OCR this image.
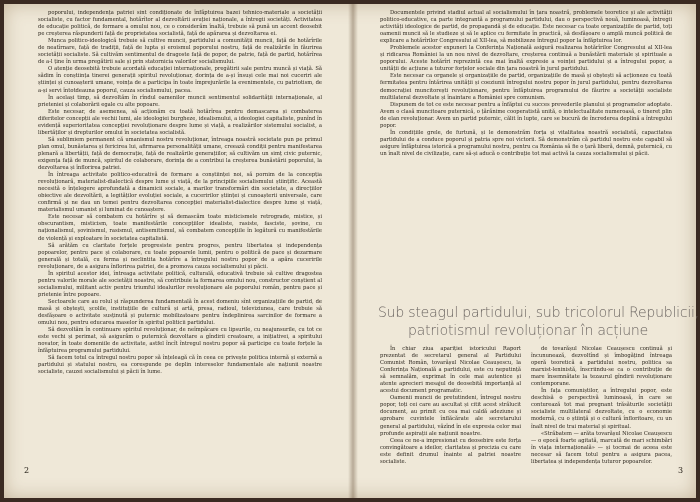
poporului, independența patriei sint condiționate de înfăptuirea bazei tehnico-materiale a societății socialiste, cu factor fundamental, hotărîtor al dezvoltării avuției naționale, a întregii societăți. Activitatea de educație politică, de formare a omului nou, ce o considerăm înaltă, trebuie să pună un accent deosebit pe creșterea răspunderii față de proprietatea socialistă, față de apărarea și dezvoltarea ei.

Munca politico-ideologică trebuie să cultive muncii, partidului a comunității muncii, față de hotărîrile de neatîrnare, față de tradiții, față de lupta și eroismul poporului nostru, față de realizările în făurirea societății socialiste. Să cultivăm sentimentul de dragoste față de popor, de patrie, față de partid, hotărîrea de a-l ține în urma pregătirii sale și prin statornicia valorilor socialismului.

O atenție deosebită trebuie acordată educației internaționale, pregătirii sale pentru muncă și viață. Să sădim în conștiința tinerei generații spiritul revoluționar, dorința de a-și însuși cele mai noi cuceriri ale științei și cunoașterii umane, voința de a participa în toate împrejurările la evenimentele, cu patriotism, de a-și servi întotdeauna poporul, cauza socialismului, pacea.

În același timp, să dezvoltăm în rîndul oamenilor muncii sentimentul solidarității internaționale, al prieteniei și colaborării egale cu alte popoare.

Este necesar, de asemenea, să acționăm cu toată hotărîrea pentru demascarea și combaterea diferitelor concepții ale vechii lumi, ale ideologiei burgheze, idealismului, a ideologiei capitaliste, punînd în evidență superioritatea concepției revoluționare despre lume și viață, a realizărilor sistemului socialist, a libertăților și drepturilor omului în societatea socialistă.

Să sublimiem permanent că umanismul nostru revoluționar, întreaga noastră societate pun pe primul plan omul, bunăstarea și fericirea lui, afirmarea personalității umane, creează condiții pentru manifestarea plenară a libertății, față de democrație, față de realizările generațiilor, să cultivăm un simț civic puternic, exigența față de muncă, spiritul de colaborare, dorința de a contribui la creșterea bunăstării poporului, la dezvoltarea și înflorirea patriei.

În întreaga activitate politico-educativă de formare a conștiinței noi, să pornim de la concepția revoluționară, materialist-dialectică despre lume și viață, de la principiile socialismului științific. Această necesită o înțelegere aprofundată a dinamicii sociale, a marilor transformări din societate, a direcțiilor obiective ale dezvoltării, a legităților evoluției sociale, a cuceririlor științei și cunoașterii universale, care confirmă și ne dau un temei pentru dezvoltarea concepției materialist-dialectice despre lume și viață, materialismul umanist și luminat de cunoaștere.

Este necesar să combatem cu hotărîre și să demascăm toate misticismele retrograde, mistice, și obscurantism, misticism, toate manifestările concepțiilor idealiste, rasiste, fasciste, șovine, cu naționalismul, șovinismul, rasismul, antisemitismul, să combatem concepțiile în legătură cu manifestările de violență și exploatare în societatea capitalistă.

Să arătăm cu claritate forțele progresiste pentru progres, pentru libertatea și independența popoarelor, pentru pace și colaborare, cu toate popoarele lumii, pentru o politică de pace și dezarmare generală și totală, cu ferma și neclintita hotărîre a întregului nostru popor de a apăra cuceririle revoluționare, de a asigura înflorirea patriei, de a promova cauza socialismului și păcii.

În spiritul acestor idei, întreaga activitate politică, culturală, educativă trebuie să cultive dragostea pentru valorile morale ale societății noastre, să contribuie la formarea omului nou, constructor conștient al socialismului, militant activ pentru triumful idealurilor revoluționare ale poporului român, pentru pace și prietenie între popoare.

Sectoarele care au rolul și răspunderea fundamentală în acest domeniu sînt organizațiile de partid, de masă și obștești, școlile, instituțiile de cultură și artă, presa, radioul, televiziunea, care trebuie să desfășoare o activitate susținută și puternic mobilizatoare pentru îndeplinirea sarcinilor de formare a omului nou, pentru educarea maselor în spiritul politicii partidului.

Să dezvoltăm în continuare spiritul revoluționar, de neîmpăcare cu lipsurile, cu neajunsurile, cu tot ce este vechi și perimat, să asigurăm o puternică dezvoltare a gîndirii creatoare, a inițiativei, a spiritului novator, în toate domeniile de activitate, astfel încît întregul nostru popor să participe cu toate forțele la înfăptuirea programului partidului.

Să facem totul ca întregul nostru popor să înțeleagă că în ceea ce privește politica internă și externă a partidului și statului nostru, ea corespunde pe deplin intereselor fundamentale ale națiunii noastre socialiste, cauzei socialismului și păcii în lume.

2

Documentele privind stadiul actual al socialismului în țara noastră, problemele teoretice și ale activității politico-educative, ca parte integrantă a programului partidului, dau o perspectivă nouă, luminoasă, întregii activități ideologice de partid, de propagandă și de educație. Este necesar ca toate organizațiile de partid, toți oamenii muncii să le studieze și să le aplice cu fermitate în practică, să desfășoare o amplă muncă politică de explicare a hotărîrilor Congresului al XII-lea, să mobilizeze întregul popor la înfăptuirea lor.

Problemele acestor expuneri la Conferința Națională asigură realizarea hotărîrilor Congresului al XII-lea și ridicarea României la un nou nivel de dezvoltare, creșterea continuă a bunăstării materiale și spirituale a poporului. Aceste hotărîri reprezintă cea mai înaltă expresie a voinței partidului și a întregului popor, a unității de acțiune a tuturor forțelor sociale din țara noastră în jurul partidului.

Este necesar ca organele și organizațiile de partid, organizațiile de masă și obștești să acționeze cu toată fermitatea pentru întărirea unității și coeziunii întregului nostru popor în jurul partidului, pentru dezvoltarea democrației muncitorești revoluționare, pentru înfăptuirea programului de făurire a societății socialiste multilateral dezvoltate și înaintare a României spre comunism.

Dispunem de tot ce este necesar pentru a înfăptui cu succes prevederile planului și programelor adoptate. Avem o clasă muncitoare puternică, o țărănime cooperatistă unită, o intelectualitate numeroasă, o tineret plin de elan revoluționar. Avem un partid puternic, călit în lupte, care se bucură de încrederea deplină a întregului popor.

În condițiile grele, de furtună, și le demonstrăm forța și vitalitatea noastră socialistă, capacitatea partidului de a conduce poporul și patria spre noi victorii. Să demonstrăm că partidul nostru este capabil să asigure înfăptuirea istorică a programului nostru, pentru ca România să fie o țară liberă, demnă, puternică, cu un înalt nivel de civilizație, care să-și aducă o contribuție tot mai activă la cauza socialismului și păcii.

Sub steagul partidului, sub tricolorul Republicii,
patriotismul revoluționar în acțiune

În chiar ziua apariției istoricului Raport prezentat de secretarul general al Partidului Comunist Român, tovarășul Nicolae Ceaușescu, la Conferința Națională a partidului, este cu neputință să semnalăm, exprimat în cele mai autentice și atente aprecieri mesajul de deosebită importanță al acestui document programatic.

Oamenii muncii de pretutindeni, întregul nostru popor, toți cei care au ascultat și citit acest strălucit document, au primit cu cea mai caldă adeziune și aprobare cuvintele înflăcărate ale secretarului general al partidului, văzînd în ele expresia celor mai profunde aspirații ale națiunii noastre.

Ceea ce ne-a impresionat cu deosebire este forța convingătoare a ideilor, claritatea și precizia cu care este definit drumul înainte al patriei noastre socialiste.

de tovarășul Nicolae Ceaușescu continuă și încununează, dezvoltînd și îmbogățind întreaga operă teoretică a partidului nostru, politica sa marxist-leninistă, înscriindu-se ca o contribuție de mare însemnătate la tezaurul gîndirii revoluționare contemporane.

În fața comuniștilor, a întregului popor, este deschisă o perspectivă luminoasă, în care se conturează tot mai pregnant trăsăturile societății socialiste multilateral dezvoltate, cu o economie modernă, cu o știință și o cultură înfloritoare, cu un înalt nivel de trai material și spiritual.

«Străbatem — arăta tovarășul Nicolae Ceaușescu — o epocă foarte agitată, marcată de mari schimbări în viața internațională» — și tocmai de aceea este necesar să facem totul pentru a asigura pacea, libertatea și independența tuturor popoarelor.

3
